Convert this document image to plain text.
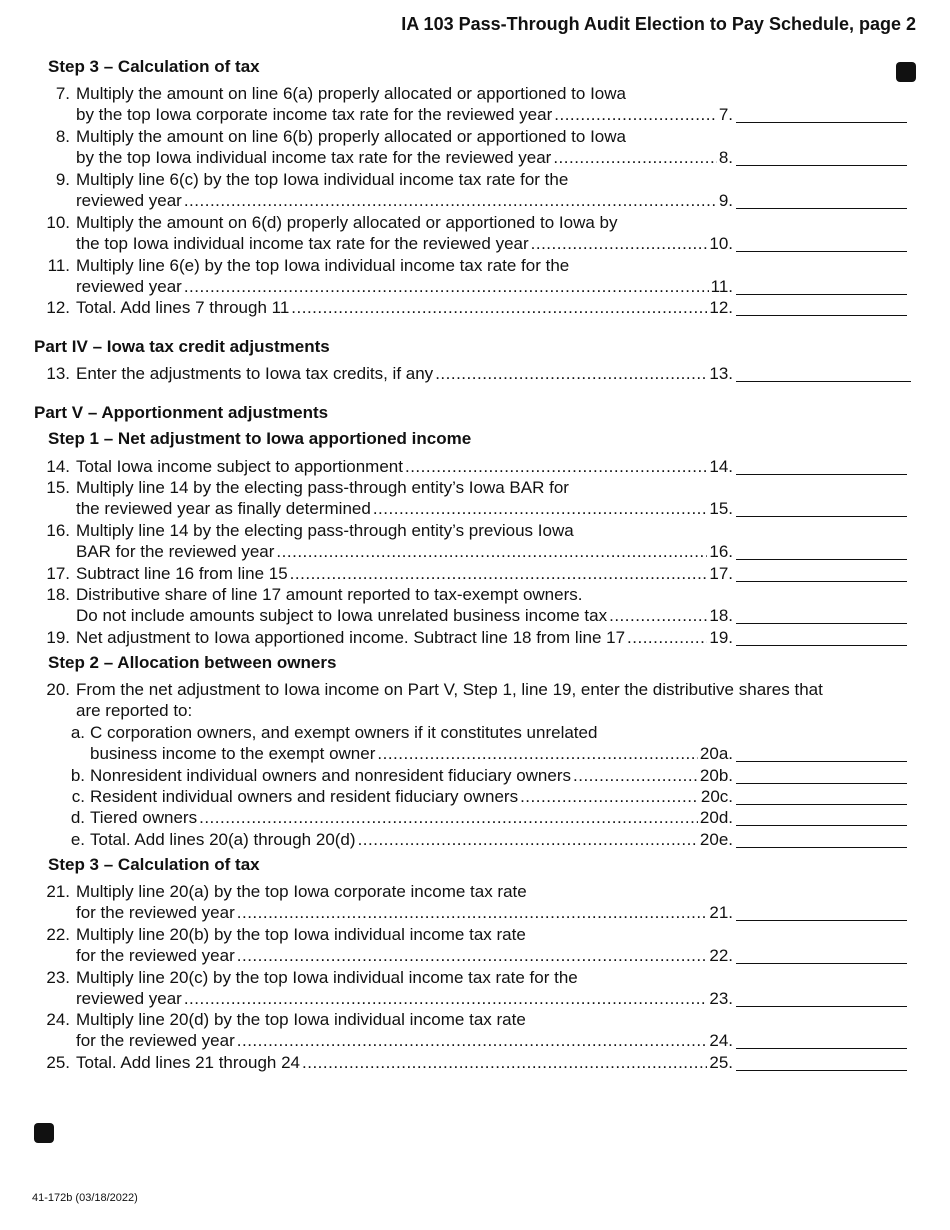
IA 103 Pass-Through Audit Election to Pay Schedule, page 2
Step 3 – Calculation of tax
7. Multiply the amount on line 6(a) properly allocated or apportioned to Iowa
by the top Iowa corporate income tax rate for the reviewed year .....	7.
8. Multiply the amount on line 6(b) properly allocated or apportioned to Iowa
by the top Iowa individual income tax rate for the reviewed year .....	8.
9. Multiply line 6(c) by the top Iowa individual income tax rate for the
reviewed year .....	9.
10. Multiply the amount on 6(d) properly allocated or apportioned to Iowa by
the top Iowa individual income tax rate for the reviewed year .....	10.
11. Multiply line 6(e) by the top Iowa individual income tax rate for the
reviewed year .....	11.
12. Total. Add lines 7 through 11 .....	12.
Part IV – Iowa tax credit adjustments
13. Enter the adjustments to Iowa tax credits, if any .....	13.
Part V – Apportionment adjustments
Step 1 – Net adjustment to Iowa apportioned income
14. Total Iowa income subject to apportionment .....	14.
15. Multiply line 14 by the electing pass-through entity’s Iowa BAR for
the reviewed year as finally determined .....	15.
16. Multiply line 14 by the electing pass-through entity’s previous Iowa
BAR for the reviewed year .....	16.
17. Subtract line 16 from line 15 .....	17.
18. Distributive share of line 17 amount reported to tax-exempt owners.
Do not include amounts subject to Iowa unrelated business income tax .....	18.
19. Net adjustment to Iowa apportioned income. Subtract line 18 from line 17 .....	19.
Step 2 – Allocation between owners
20. From the net adjustment to Iowa income on Part V, Step 1, line 19, enter the distributive shares that
are reported to:
a. C corporation owners, and exempt owners if it constitutes unrelated
business income to the exempt owner .....	20a.
b. Nonresident individual owners and nonresident fiduciary owners .....	20b.
c. Resident individual owners and resident fiduciary owners .....	20c.
d. Tiered owners .....	20d.
e. Total. Add lines 20(a) through 20(d) .....	20e.
Step 3 – Calculation of tax
21. Multiply line 20(a) by the top Iowa corporate income tax rate
for the reviewed year .....	21.
22. Multiply line 20(b) by the top Iowa individual income tax rate
for the reviewed year .....	22.
23. Multiply line 20(c) by the top Iowa individual income tax rate for the
reviewed year .....	23.
24. Multiply line 20(d) by the top Iowa individual income tax rate
for the reviewed year .....	24.
25. Total. Add lines 21 through 24 .....	25.
41-172b (03/18/2022)
